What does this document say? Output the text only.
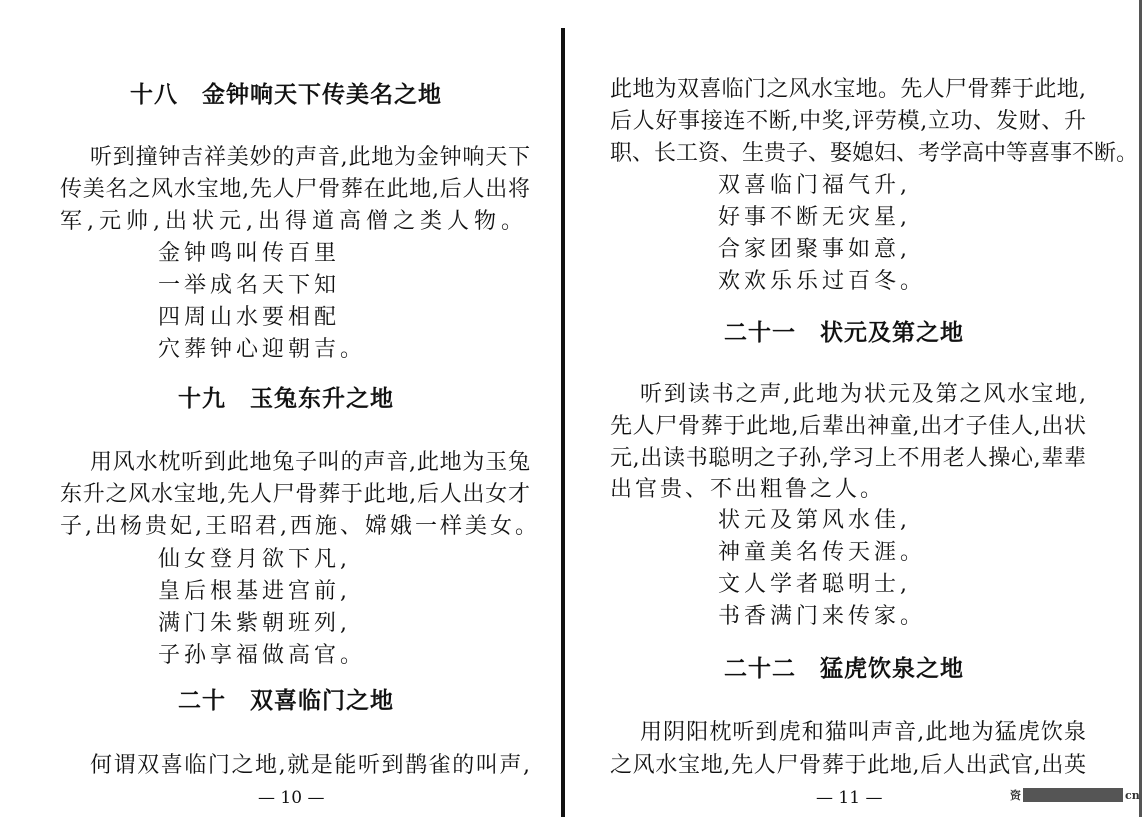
十八　金钟响天下传美名之地
听到撞钟吉祥美妙的声音,此地为金钟响天下
传美名之风水宝地,先人尸骨葬在此地,后人出将
军,元帅,出状元,出得道高僧之类人物。
金钟鸣叫传百里
一举成名天下知
四周山水要相配
穴葬钟心迎朝吉。
十九　玉兔东升之地
用风水枕听到此地兔子叫的声音,此地为玉兔
东升之风水宝地,先人尸骨葬于此地,后人出女才
子,出杨贵妃,王昭君,西施、嫦娥一样美女。
仙女登月欲下凡,
皇后根基进宫前,
满门朱紫朝班列,
子孙享福做高官。
二十　双喜临门之地
何谓双喜临门之地,就是能听到鹊雀的叫声,
— 10 —
此地为双喜临门之风水宝地。先人尸骨葬于此地,
后人好事接连不断,中奖,评劳模,立功、发财、升
职、长工资、生贵子、娶媳妇、考学高中等喜事不断。
双喜临门福气升,
好事不断无灾星,
合家团聚事如意,
欢欢乐乐过百冬。
二十一　状元及第之地
听到读书之声,此地为状元及第之风水宝地,
先人尸骨葬于此地,后辈出神童,出才子佳人,出状
元,出读书聪明之子孙,学习上不用老人操心,辈辈
出官贵、不出粗鲁之人。
状元及第风水佳,
神童美名传天涯。
文人学者聪明士,
书香满门来传家。
二十二　猛虎饮泉之地
用阴阳枕听到虎和猫叫声音,此地为猛虎饮泉
之风水宝地,先人尸骨葬于此地,后人出武官,出英
— 11 —	资	cn
